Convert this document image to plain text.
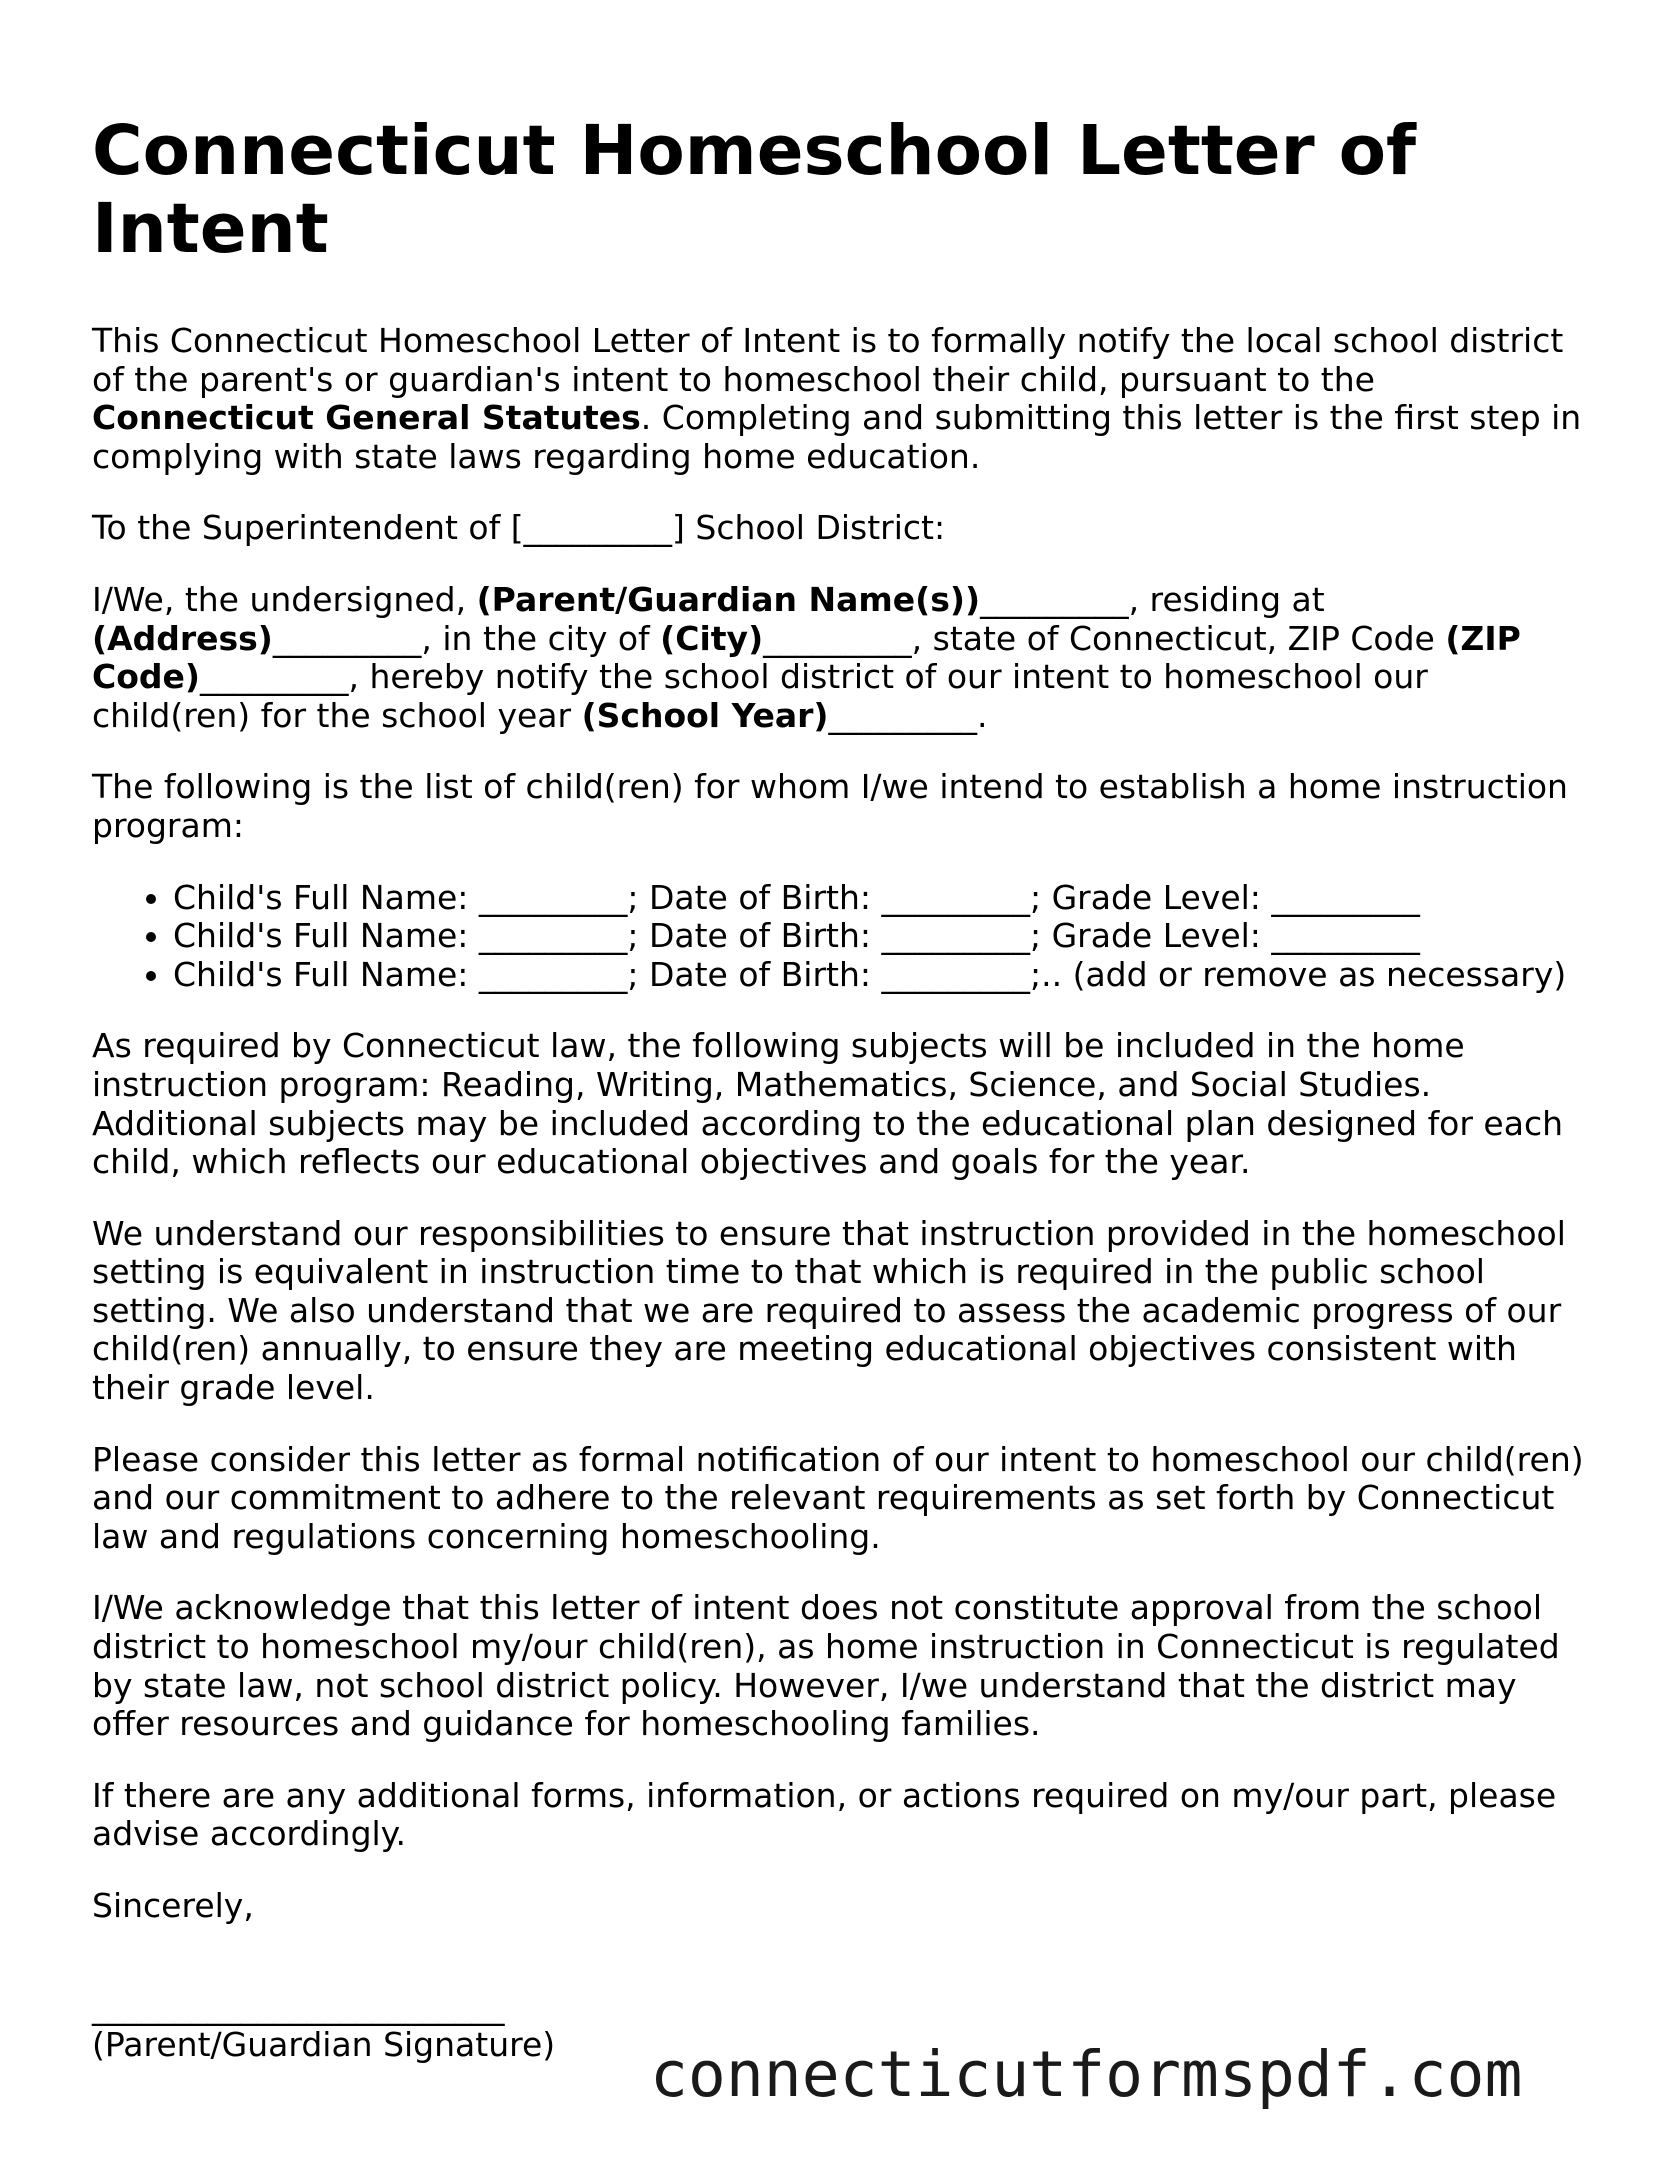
Connecticut Homeschool Letter of Intent

This Connecticut Homeschool Letter of Intent is to formally notify the local school district of the parent's or guardian's intent to homeschool their child, pursuant to the Connecticut General Statutes. Completing and submitting this letter is the first step in complying with state laws regarding home education.

To the Superintendent of [_________] School District:

I/We, the undersigned, (Parent/Guardian Name(s))_________, residing at (Address)_________, in the city of (City)_________, state of Connecticut, ZIP Code (ZIP Code)_________, hereby notify the school district of our intent to homeschool our child(ren) for the school year (School Year)_________.

The following is the list of child(ren) for whom I/we intend to establish a home instruction program:

• Child's Full Name: _________; Date of Birth: _________; Grade Level: _________
• Child's Full Name: _________; Date of Birth: _________; Grade Level: _________
• Child's Full Name: _________; Date of Birth: _________;.. (add or remove as necessary)

As required by Connecticut law, the following subjects will be included in the home instruction program: Reading, Writing, Mathematics, Science, and Social Studies. Additional subjects may be included according to the educational plan designed for each child, which reflects our educational objectives and goals for the year.

We understand our responsibilities to ensure that instruction provided in the homeschool setting is equivalent in instruction time to that which is required in the public school setting. We also understand that we are required to assess the academic progress of our child(ren) annually, to ensure they are meeting educational objectives consistent with their grade level.

Please consider this letter as formal notification of our intent to homeschool our child(ren) and our commitment to adhere to the relevant requirements as set forth by Connecticut law and regulations concerning homeschooling.

I/We acknowledge that this letter of intent does not constitute approval from the school district to homeschool my/our child(ren), as home instruction in Connecticut is regulated by state law, not school district policy. However, I/we understand that the district may offer resources and guidance for homeschooling families.

If there are any additional forms, information, or actions required on my/our part, please advise accordingly.

Sincerely,

_________________________
(Parent/Guardian Signature)	connecticutformspdf.com
